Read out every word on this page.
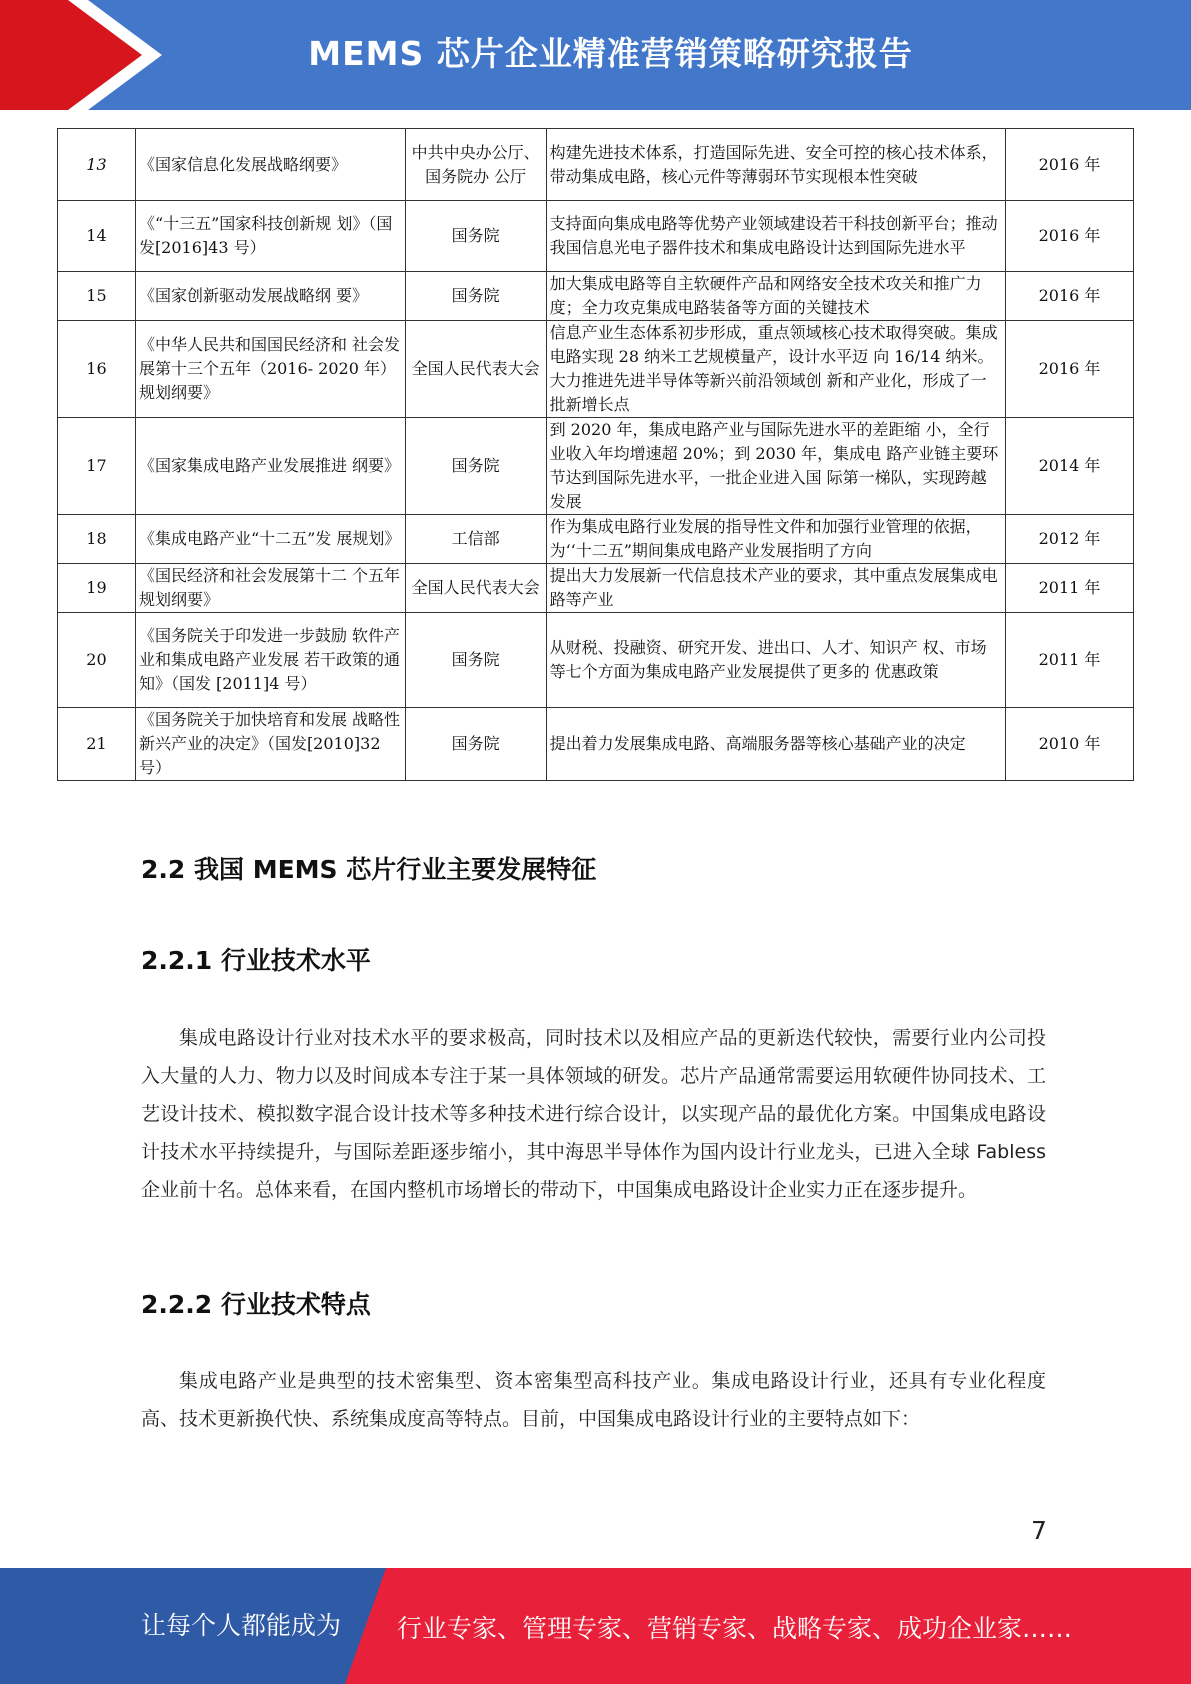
MEMS 芯片企业精准营销策略研究报告
13	《国家信息化发展战略纲要》	中共中央办公厅、国务院办 公厅	构建先进技术体系，打造国际先进、安全可控的核心技术体系，带动集成电路，核心元件等薄弱环节实现根本性突破	2016 年
14	《“十三五”国家科技创新规 划》（国发[2016]43 号）	国务院	支持面向集成电路等优势产业领域建设若干科技创新平台；推动我国信息光电子器件技术和集成电路设计达到国际先进水平	2016 年
15	《国家创新驱动发展战略纲 要》	国务院	加大集成电路等自主软硬件产品和网络安全技术攻关和推广力度；全力攻克集成电路装备等方面的关键技术	2016 年
16	《中华人民共和国国民经济和 社会发展第十三个五年（2016- 2020 年）规划纲要》	全国人民代表大会	信息产业生态体系初步形成，重点领域核心技术取得突破。集成电路实现 28 纳米工艺规模量产，设计水平迈 向 16/14 纳米。大力推进先进半导体等新兴前沿领域创 新和产业化，形成了一批新增长点	2016 年
17	《国家集成电路产业发展推进 纲要》	国务院	到 2020 年，集成电路产业与国际先进水平的差距缩 小，全行业收入年均增速超 20%；到 2030 年，集成电 路产业链主要环节达到国际先进水平，一批企业进入国 际第一梯队，实现跨越发展	2014 年
18	《集成电路产业“十二五”发 展规划》	工信部	作为集成电路行业发展的指导性文件和加强行业管理的依据，为‘‘十二五”期间集成电路产业发展指明了方向	2012 年
19	《国民经济和社会发展第十二 个五年规划纲要》	全国人民代表大会	提出大力发展新一代信息技术产业的要求，其中重点发展集成电路等产业	2011 年
20	《国务院关于印发进一步鼓励 软件产业和集成电路产业发展 若干政策的通知》（国发 [2011]4 号）	国务院	从财税、投融资、研究开发、进出口、人才、知识产 权、市场等七个方面为集成电路产业发展提供了更多的 优惠政策	2011 年
21	《国务院关于加快培育和发展 战略性新兴产业的决定》（国发[2010]32 号）	国务院	提出着力发展集成电路、高端服务器等核心基础产业的决定	2010 年
2.2 我国 MEMS 芯片行业主要发展特征
2.2.1 行业技术水平
集成电路设计行业对技术水平的要求极高，同时技术以及相应产品的更新迭代较快，需要行业内公司投入大量的人力、物力以及时间成本专注于某一具体领域的研发。芯片产品通常需要运用软硬件协同技术、工艺设计技术、模拟数字混合设计技术等多种技术进行综合设计，以实现产品的最优化方案。中国集成电路设计技术水平持续提升，与国际差距逐步缩小，其中海思半导体作为国内设计行业龙头，已进入全球 Fabless 企业前十名。总体来看，在国内整机市场增长的带动下，中国集成电路设计企业实力正在逐步提升。
2.2.2 行业技术特点
集成电路产业是典型的技术密集型、资本密集型高科技产业。集成电路设计行业，还具有专业化程度高、技术更新换代快、系统集成度高等特点。目前，中国集成电路设计行业的主要特点如下：
7
让每个人都能成为 行业专家、管理专家、营销专家、战略专家、成功企业家……
